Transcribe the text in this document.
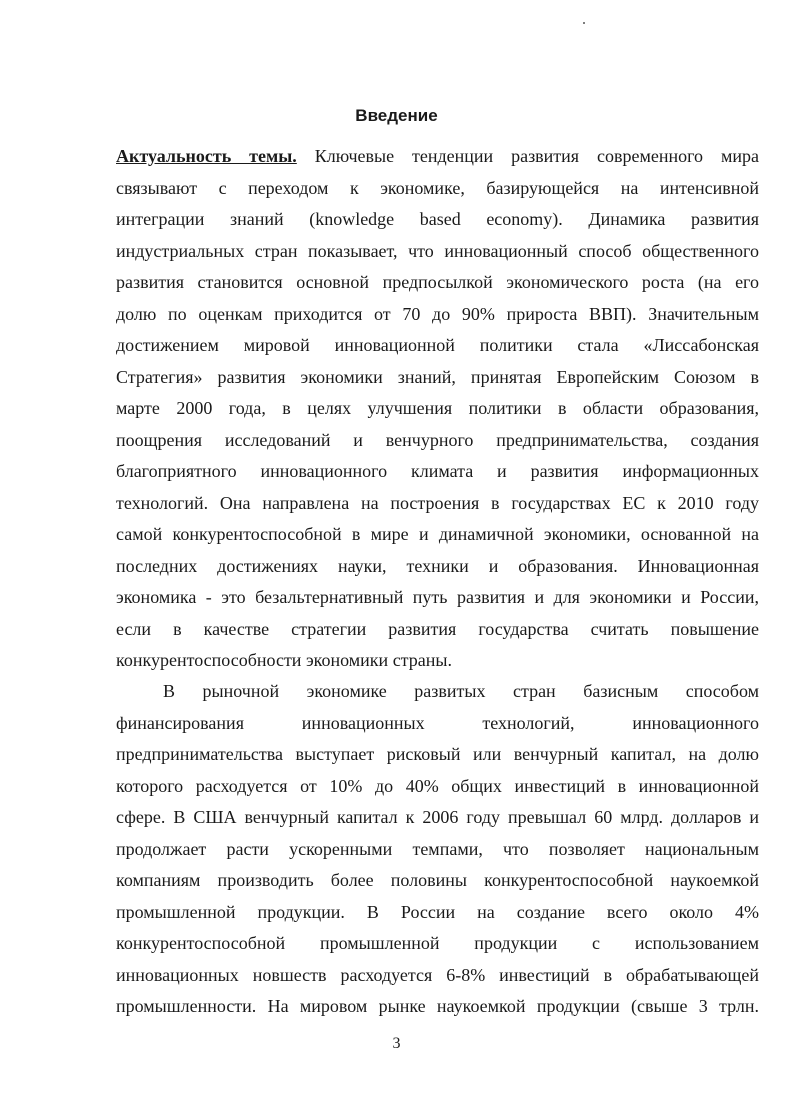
Введение

Актуальность темы. Ключевые тенденции развития современного мира

связывают с переходом к экономике, базирующейся на интенсивной

интеграции знаний (knowledge based economy). Динамика развития

индустриальных стран показывает, что инновационный способ общественного

развития становится основной предпосылкой экономического роста (на его

долю по оценкам приходится от 70 до 90% прироста ВВП). Значительным

достижением мировой инновационной политики стала «Лиссабонская

Стратегия» развития экономики знаний, принятая Европейским Союзом в

марте 2000 года, в целях улучшения политики в области образования,

поощрения исследований и венчурного предпринимательства, создания

благоприятного инновационного климата и развития информационных

технологий. Она направлена на построения в государствах ЕС к 2010 году

самой конкурентоспособной в мире и динамичной экономики, основанной на

последних достижениях науки, техники и образования. Инновационная

экономика - это безальтернативный путь развития и для экономики и России,

если в качестве стратегии развития государства считать повышение

конкурентоспособности экономики страны.

В рыночной экономике развитых стран базисным способом

финансирования инновационных технологий, инновационного

предпринимательства выступает рисковый или венчурный капитал, на долю

которого расходуется от 10% до 40% общих инвестиций в инновационной

сфере. В США венчурный капитал к 2006 году превышал 60 млрд. долларов и

продолжает расти ускоренными темпами, что позволяет национальным

компаниям производить более половины конкурентоспособной наукоемкой

промышленной продукции. В России на создание всего около 4%

конкурентоспособной промышленной продукции с использованием

инновационных новшеств расходуется 6-8% инвестиций в обрабатывающей

промышленности. На мировом рынке наукоемкой продукции (свыше 3 трлн.

3
